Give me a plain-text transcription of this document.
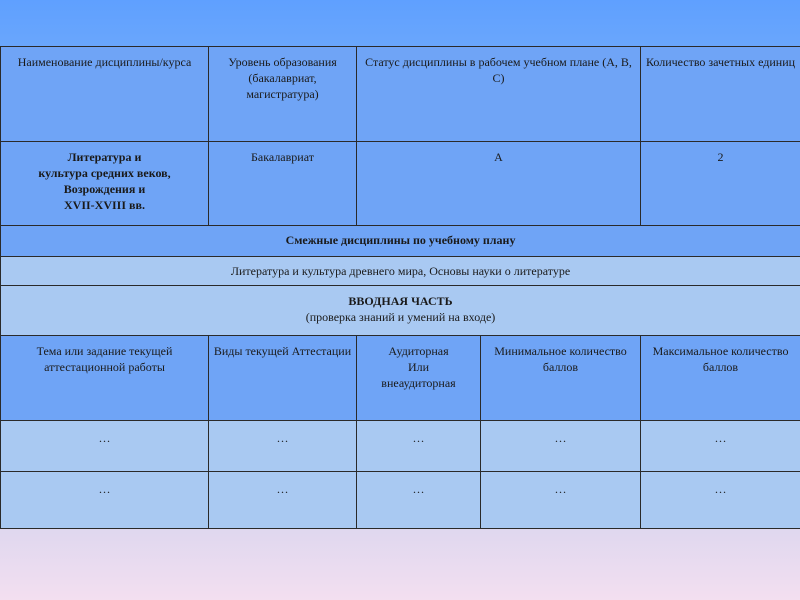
Наименование дисциплины/курса	Уровень образования (бакалавриат, магистратура)	Статус дисциплины в рабочем учебном плане (А, В, С)		Количество зачетных единиц

Литература и
культура средних веков,
Возрождения и
XVII-XVIII вв.	Бакалавриат	А		2
Смежные дисциплины по учебному плану				
Литература и культура древнего мира, Основы науки о литературе				

ВВОДНАЯ ЧАСТЬ
(проверка знаний и умений на входе)				

Тема или задание текущей аттестационной работы	Виды текущей Аттестации	Аудиторная
Или
внеаудиторная	Минимальное количество баллов	Максимальное количество баллов
…	…	…	…	…
…	…	…	…	…
